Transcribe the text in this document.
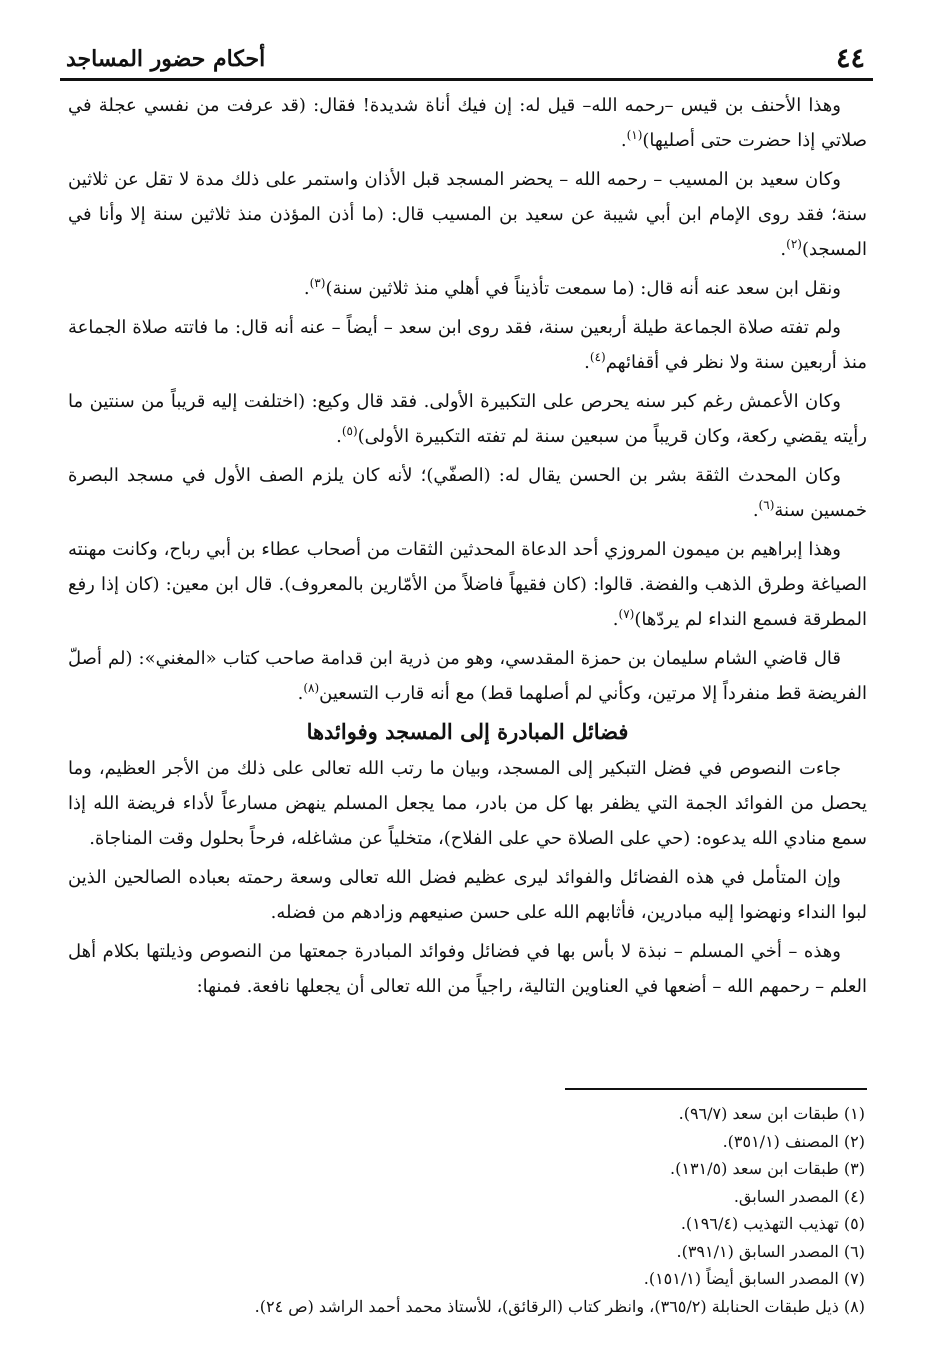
٤٤
أحكام حضور المساجد

وهذا الأحنف بن قيس –رحمه الله– قيل له: إن فيك أناة شديدة! فقال: (قد عرفت من نفسي عجلة في صلاتي إذا حضرت حتى أصليها)$^{(١)}$.

وكان سعيد بن المسيب – رحمه الله – يحضر المسجد قبل الأذان واستمر على ذلك مدة لا تقل عن ثلاثين سنة؛ فقد روى الإمام ابن أبي شيبة عن سعيد بن المسيب قال: (ما أذن المؤذن منذ ثلاثين سنة إلا وأنا في المسجد)$^{(٢)}$.

ونقل ابن سعد عنه أنه قال: (ما سمعت تأذيناً في أهلي منذ ثلاثين سنة)$^{(٣)}$.

ولم تفته صلاة الجماعة طيلة أربعين سنة، فقد روى ابن سعد – أيضاً – عنه أنه قال: ما فاتته صلاة الجماعة منذ أربعين سنة ولا نظر في أقفائهم$^{(٤)}$.

وكان الأعمش رغم كبر سنه يحرص على التكبيرة الأولى. فقد قال وكيع: (اختلفت إليه قريباً من سنتين ما رأيته يقضي ركعة، وكان قريباً من سبعين سنة لم تفته التكبيرة الأولى)$^{(٥)}$.

وكان المحدث الثقة بشر بن الحسن يقال له: (الصفّي)؛ لأنه كان يلزم الصف الأول في مسجد البصرة خمسين سنة$^{(٦)}$.

وهذا إبراهيم بن ميمون المروزي أحد الدعاة المحدثين الثقات من أصحاب عطاء بن أبي رباح، وكانت مهنته الصياغة وطرق الذهب والفضة. قالوا: (كان فقيهاً فاضلاً من الأمّارين بالمعروف). قال ابن معين: (كان إذا رفع المطرقة فسمع النداء لم يردّها)$^{(٧)}$.

قال قاضي الشام سليمان بن حمزة المقدسي، وهو من ذرية ابن قدامة صاحب كتاب «المغني»: (لم أصلّ الفريضة قط منفرداً إلا مرتين، وكأني لم أصلهما قط) مع أنه قارب التسعين$^{(٨)}$.

فضائل المبادرة إلى المسجد وفوائدها

جاءت النصوص في فضل التبكير إلى المسجد، وبيان ما رتب الله تعالى على ذلك من الأجر العظيم، وما يحصل من الفوائد الجمة التي يظفر بها كل من بادر، مما يجعل المسلم ينهض مسارعاً لأداء فريضة الله إذا سمع منادي الله يدعوه: (حي على الصلاة حي على الفلاح)، متخلياً عن مشاغله، فرحاً بحلول وقت المناجاة.

وإن المتأمل في هذه الفضائل والفوائد ليرى عظيم فضل الله تعالى وسعة رحمته بعباده الصالحين الذين لبوا النداء ونهضوا إليه مبادرين، فأثابهم الله على حسن صنيعهم وزادهم من فضله.

وهذه – أخي المسلم – نبذة لا بأس بها في فضائل وفوائد المبادرة جمعتها من النصوص وذيلتها بكلام أهل العلم – رحمهم الله – أضعها في العناوين التالية، راجياً من الله تعالى أن يجعلها نافعة. فمنها:

(١) طبقات ابن سعد (٩٦/٧).
(٢) المصنف (٣٥١/١).
(٣) طبقات ابن سعد (١٣١/٥).
(٤) المصدر السابق.
(٥) تهذيب التهذيب (١٩٦/٤).
(٦) المصدر السابق (٣٩١/١).
(٧) المصدر السابق أيضاً (١٥١/١).
(٨) ذيل طبقات الحنابلة (٣٦٥/٢)، وانظر كتاب (الرقائق)، للأستاذ محمد أحمد الراشد (ص ٢٤).
